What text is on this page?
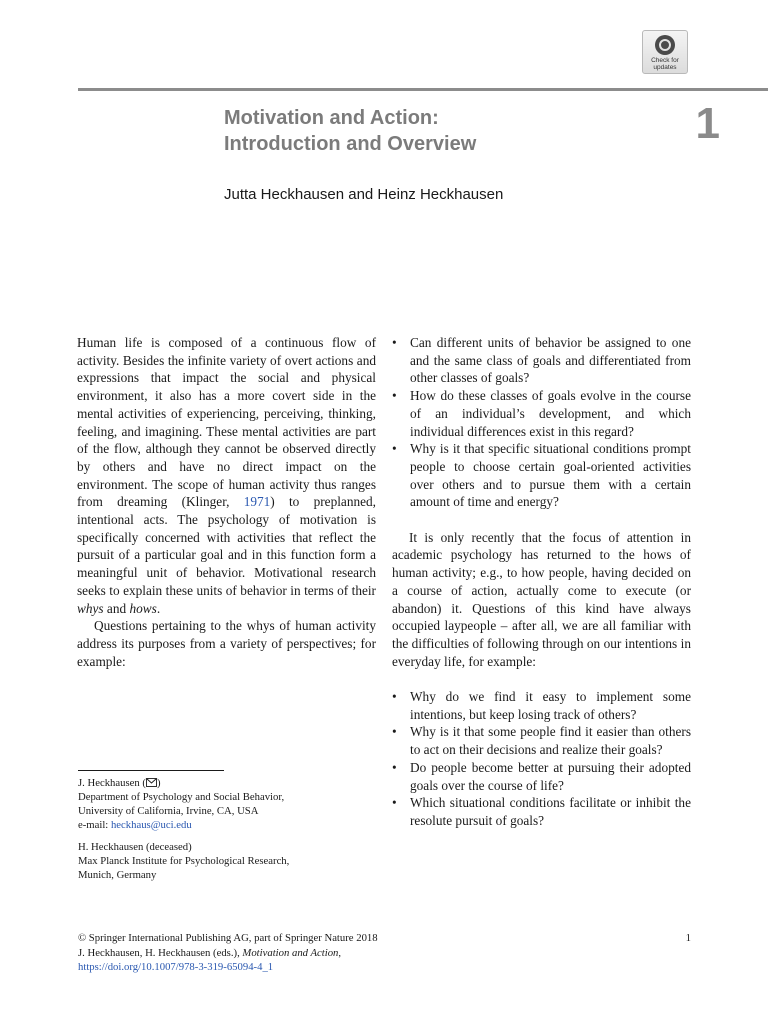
Check for
updates
1
Motivation and Action:
Introduction and Overview
Jutta Heckhausen and Heinz Heckhausen

Human life is composed of a continuous flow of activity. Besides the infinite variety of overt actions and expressions that impact the social and physical environment, it also has a more covert side in the mental activities of experiencing, perceiving, thinking, feeling, and imagining. These mental activities are part of the flow, although they cannot be observed directly by others and have no direct impact on the environment. The scope of human activity thus ranges from dreaming (Klinger, 1971) to preplanned, intentional acts. The psychology of motivation is specifically concerned with activities that reflect the pursuit of a particular goal and in this function form a meaningful unit of behavior. Motivational research seeks to explain these units of behavior in terms of their whys and hows.

Questions pertaining to the whys of human activity address its purposes from a variety of perspectives; for example:

• Can different units of behavior be assigned to one and the same class of goals and differentiated from other classes of goals?
• How do these classes of goals evolve in the course of an individual’s development, and which individual differences exist in this regard?
• Why is it that specific situational conditions prompt people to choose certain goal-oriented activities over others and to pursue them with a certain amount of time and energy?

It is only recently that the focus of attention in academic psychology has returned to the hows of human activity; e.g., to how people, having decided on a course of action, actually come to execute (or abandon) it. Questions of this kind have always occupied laypeople – after all, we are all familiar with the difficulties of following through on our intentions in everyday life, for example:

• Why do we find it easy to implement some intentions, but keep losing track of others?
• Why is it that some people find it easier than others to act on their decisions and realize their goals?
• Do people become better at pursuing their adopted goals over the course of life?
• Which situational conditions facilitate or inhibit the resolute pursuit of goals?

J. Heckhausen ( )

Department of Psychology and Social Behavior,

University of California, Irvine, CA, USA

e-mail: heckhaus@uci.edu

H. Heckhausen (deceased)

Max Planck Institute for Psychological Research,

Munich, Germany

© Springer International Publishing AG, part of Springer Nature 2018
J. Heckhausen, H. Heckhausen (eds.), Motivation and Action,
https://doi.org/10.1007/978-3-319-65094-4_1
1
